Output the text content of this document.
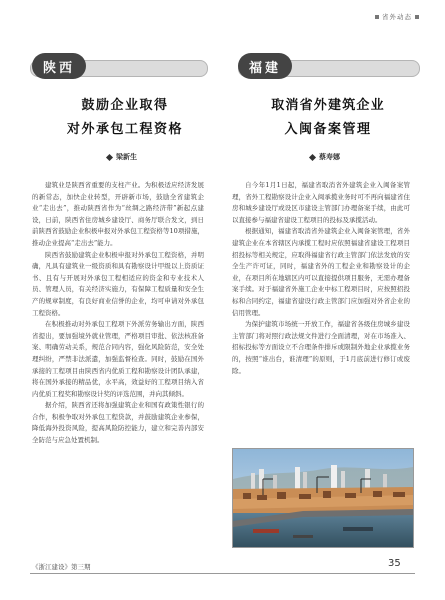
省外动态
陕西
鼓励企业取得
对外承包工程资格
梁新生
福建
取消省外建筑企业
入闽备案管理
蔡寿娜

建筑业是陕西省重要的支柱产业。为积极适应经济发展的新常态，加快企业转型，开辟新市场，鼓励全省建筑企业“走出去”，推动陕西省作为“丝绸之路经济带”新起点建设，日前，陕西省住房城乡建设厅、商务厅联合发文，到日前陕西省鼓励企业积极申报对外承包工程资格等10项措施，推动企业提高“走出去”能力。

陕西省鼓励建筑企业积极申报对外承包工程资格，并明确，凡具有建筑业一级资质和具有勘察设计甲级以上资质证书、且有与开展对外承包工程相适应的资金和专业技术人员、管理人员，有关经济实施力，有保障工程质量和安全生产的规章制度，有良好商业信誉的企业，均可申请对外承包工程资格。

在积极推动对外承包工程项下外派劳务输出方面，陕西省提出，要加强境外就业管理，严格项目审批、依法核准备案、明确劳动关系，规范合同内容，强化风险防范，安全处理纠纷，严禁非法派遣，加强监督检查。同时，鼓励在国外承接的工程项目由陕西省内优质工程和勘察设计团队承建，将在国外承接的精品优，水平高，效益好的工程项目纳入省内优质工程奖和勘察设计奖的评选范围，并向其倾斜。

据介绍，陕西省还将加强建筑企业和国有政策性银行的合作，积极争取对外承包工程贷款，并鼓励建筑企业参保，降低海外投资风险，提高风险防控能力，建立和完善内部安全防范与应急处置机制。

自今年1月1日起，福建省取消省外建筑企业入闽备案管理，省外工程勘察设计企业入闽承揽业务时可不再向福建省住房和城乡建设厅或设区市建设主管部门办理备案手续，由此可以直接参与福建省建设工程项目的投标及承揽活动。

根据通知，福建省取消省外建筑企业入闽备案管理，省外建筑企业在本省辖区内承揽工程时应依照福建省建设工程项目招投标等相关规定，应取得福建省行政主管部门依法发放的安全生产许可证，同时，福建省外的工程企业和勘察设计的企业，在项目所在地辖区内可以直接提供项目服务，无需办理备案手续。对于福建省外施工企业中标工程项目时，应按照招投标和合同约定，福建省建设行政主管部门应加强对外省企业的信用管理。

为保护建筑市场统一开放工作，福建省各级住房城乡建设主管部门将对照行政法规文件进行全面清理，对在市场准入、招标投标等方面设立不合理条件排斥或限制外地企业承揽业务的，按照“谁出台，谁清理”的原则，于1月底前进行修订或废除。

《浙江建设》第三期	35
